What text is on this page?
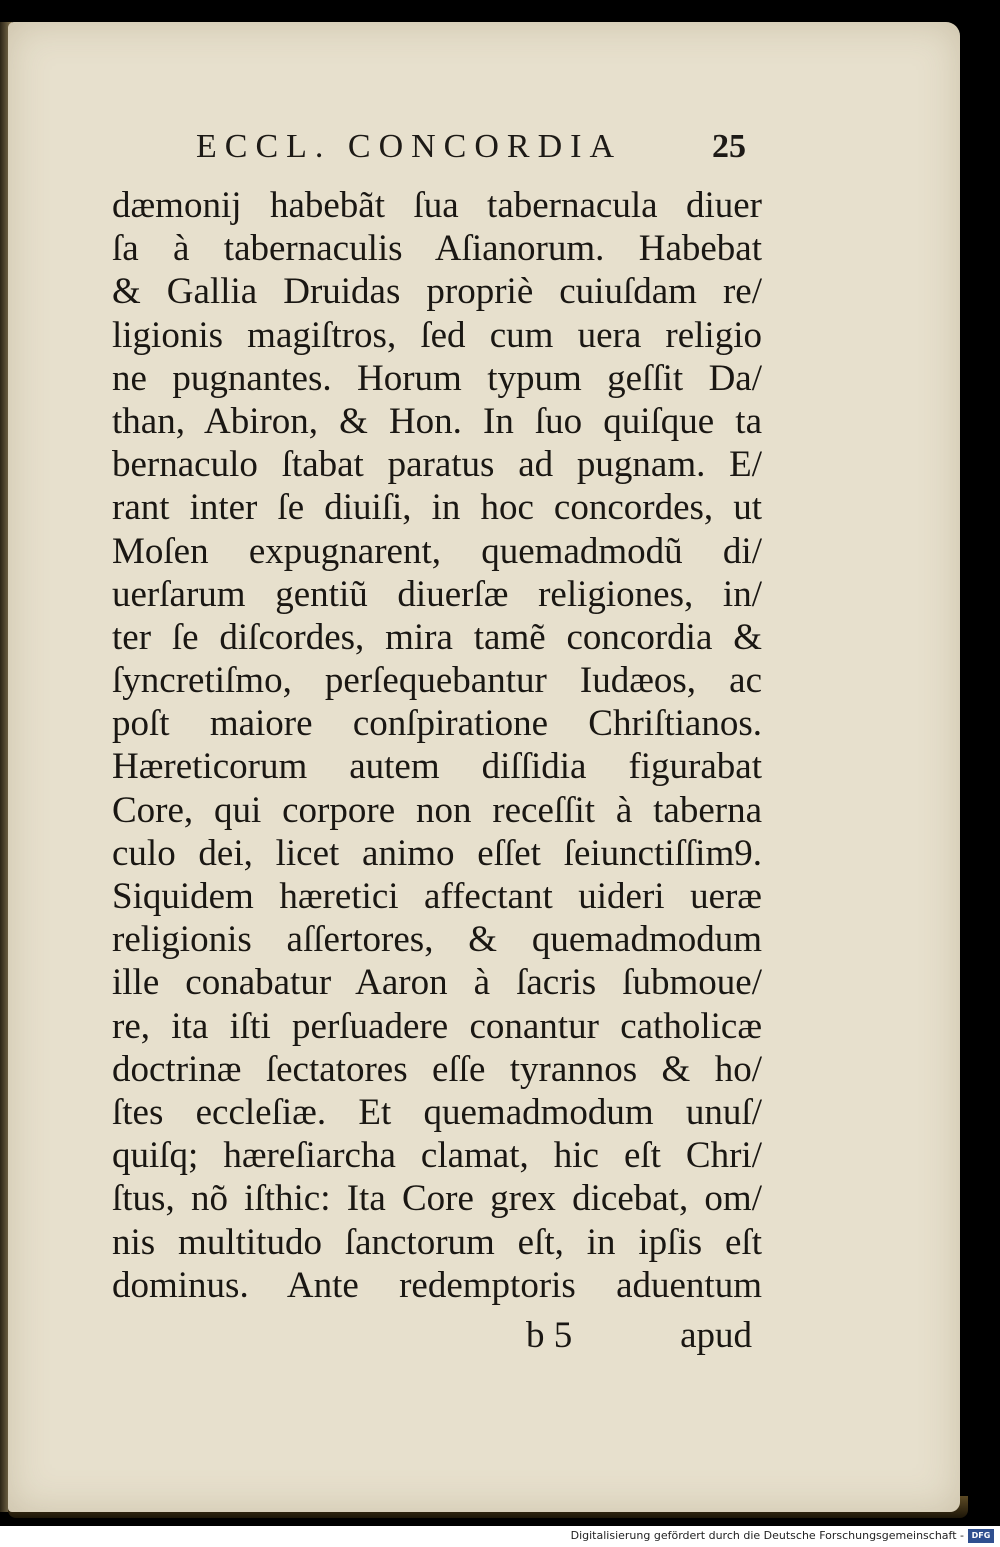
ECCL. CONCORDIA	25
dæmonij habebãt ſua tabernacula diuer
ſa à tabernaculis Aſianorum. Habebat
& Gallia Druidas propriè cuiuſdam re/
ligionis magiſtros, ſed cum uera religio
ne pugnantes. Horum typum geſſit Da/
than, Abiron, & Hon. In ſuo quiſque ta
bernaculo ſtabat paratus ad pugnam. E/
rant inter ſe diuiſi, in hoc concordes, ut
Moſen expugnarent, quemadmodũ di/
uerſarum gentiũ diuerſæ religiones, in/
ter ſe diſcordes, mira tamẽ concordia &
ſyncretiſmo, perſequebantur Iudæos, ac
poſt maiore conſpiratione Chriſtianos.
Hæreticorum autem diſſidia figurabat
Core, qui corpore non receſſit à taberna
culo dei, licet animo eſſet ſeiunctiſſim9.
Siquidem hæretici affectant uideri ueræ
religionis aſſertores, & quemadmodum
ille conabatur Aaron à ſacris ſubmoue/
re, ita iſti perſuadere conantur catholicæ
doctrinæ ſectatores eſſe tyrannos & ho/
ſtes eccleſiæ. Et quemadmodum unuſ/
quiſq; hæreſiarcha clamat, hic eſt Chri/
ſtus, nõ iſthic: Ita Core grex dicebat, om/
nis multitudo ſanctorum eſt, in ipſis eſt
dominus. Ante redemptoris aduentum
b 5	apud
Digitalisierung gefördert durch die Deutsche Forschungsgemeinschaft - DFG
